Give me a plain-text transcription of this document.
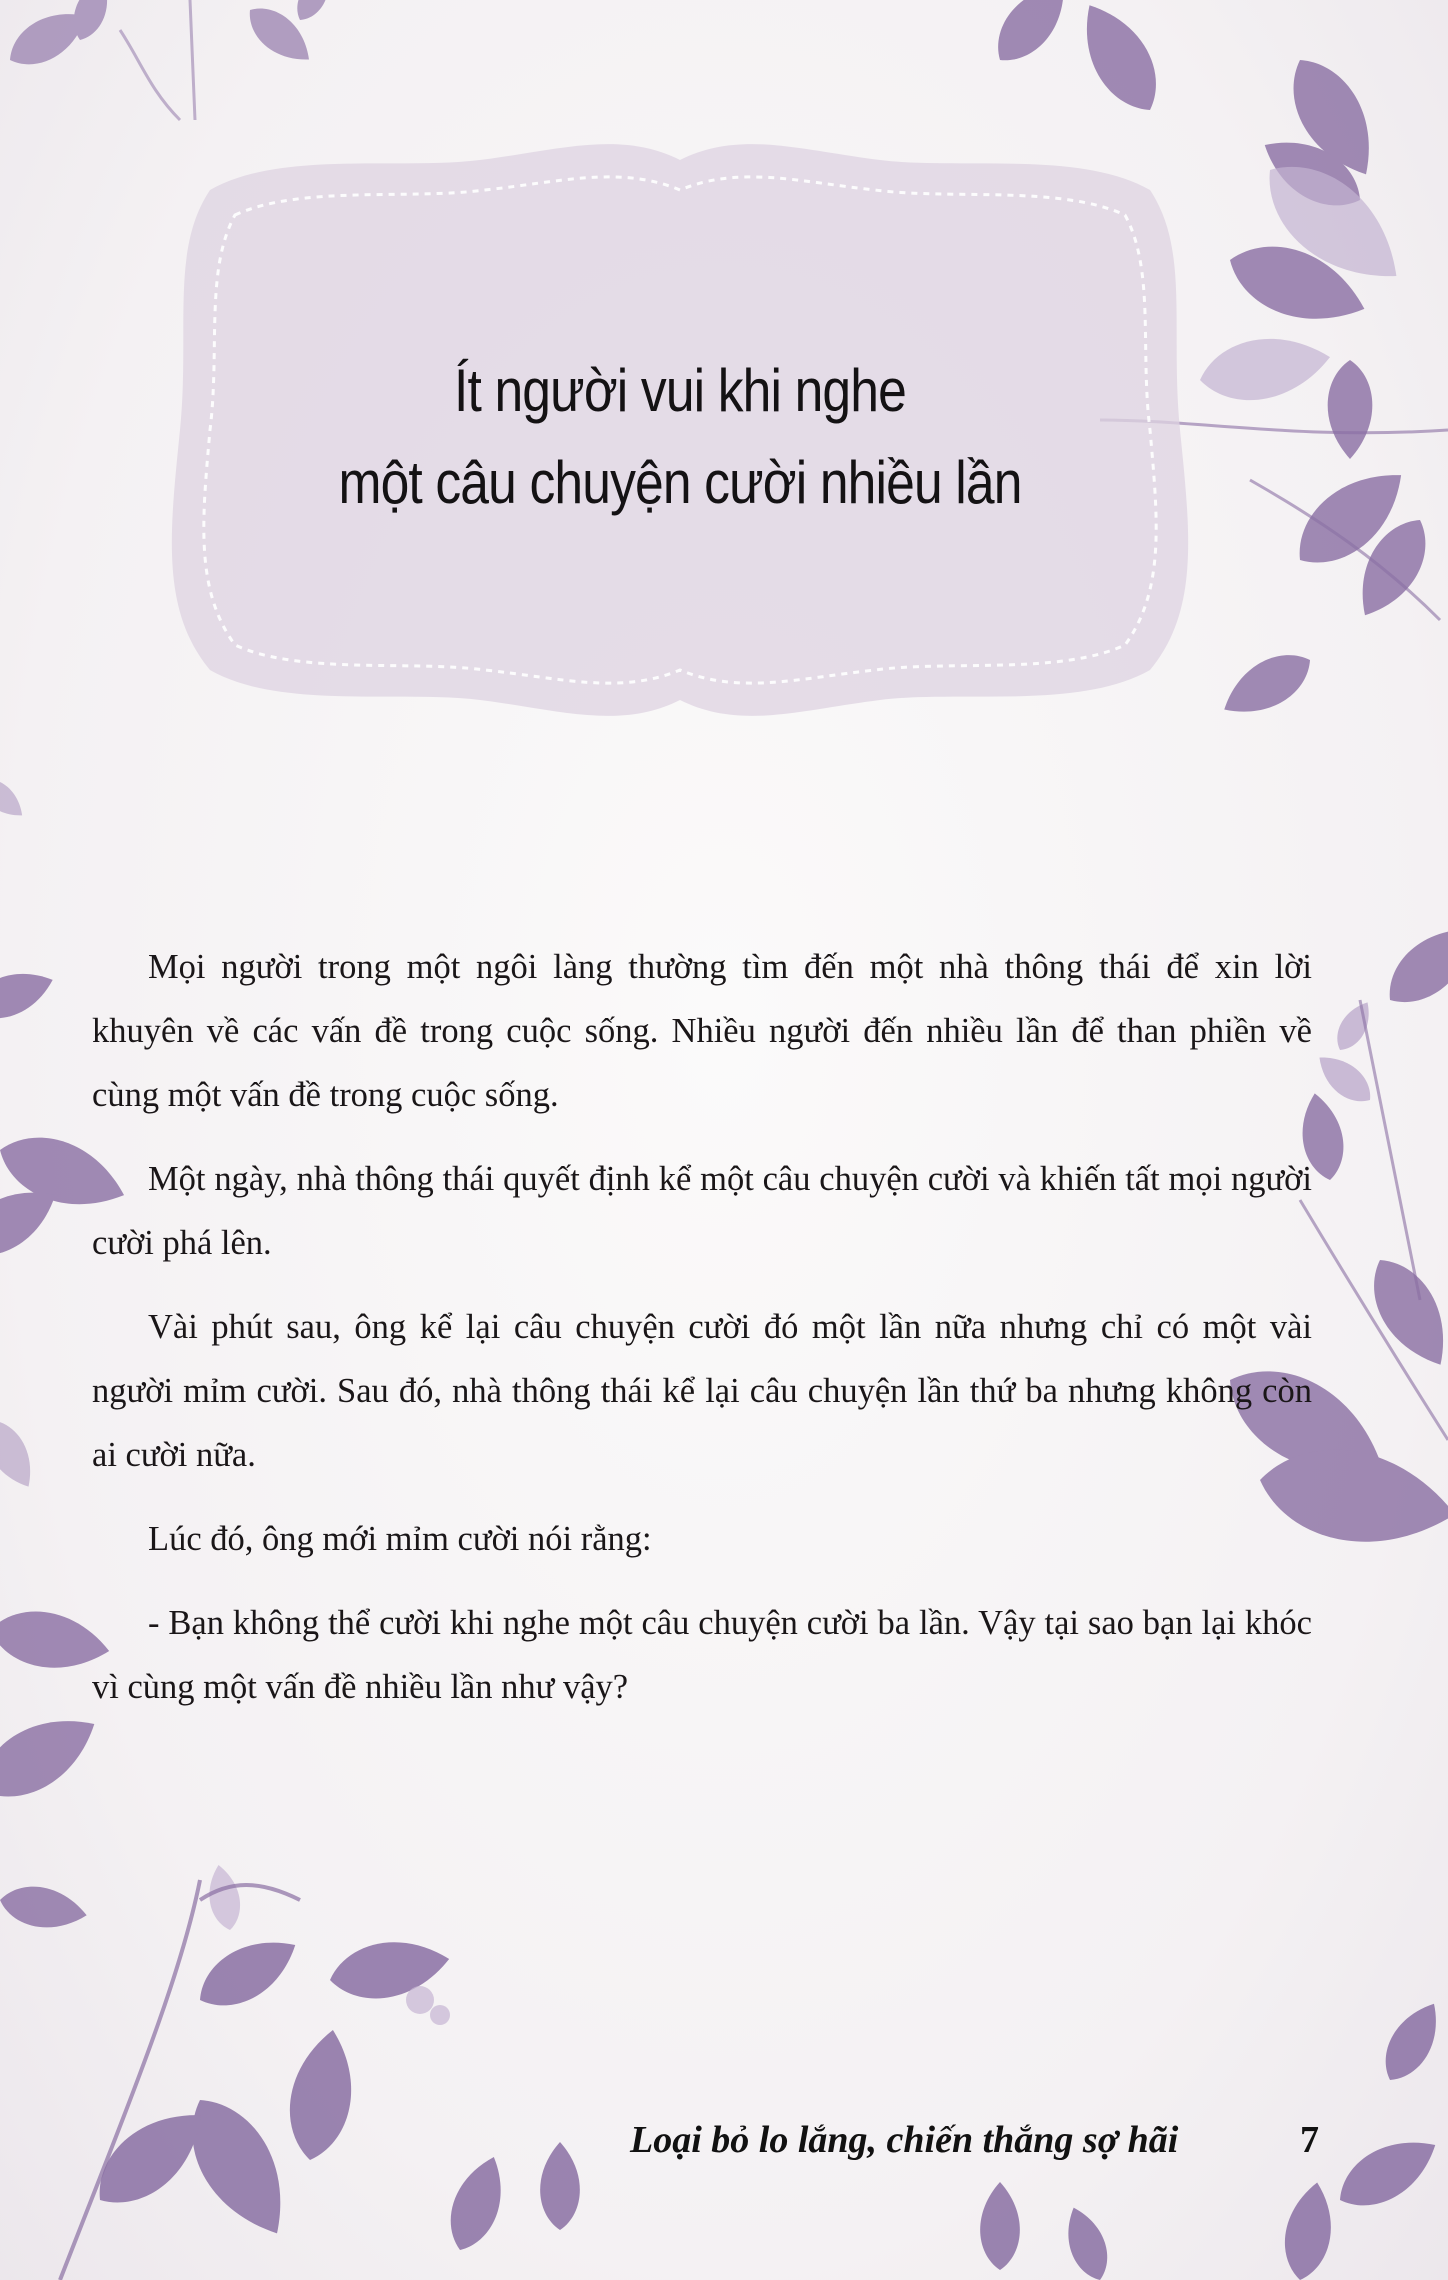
Ít người vui khi nghe
một câu chuyện cười nhiều lần

Mọi người trong một ngôi làng thường tìm đến một nhà thông thái để xin lời khuyên về các vấn đề trong cuộc sống. Nhiều người đến nhiều lần để than phiền về cùng một vấn đề trong cuộc sống.

Một ngày, nhà thông thái quyết định kể một câu chuyện cười và khiến tất mọi người cười phá lên.

Vài phút sau, ông kể lại câu chuyện cười đó một lần nữa nhưng chỉ có một vài người mỉm cười. Sau đó, nhà thông thái kể lại câu chuyện lần thứ ba nhưng không còn ai cười nữa.

Lúc đó, ông mới mỉm cười nói rằng:

- Bạn không thể cười khi nghe một câu chuyện cười ba lần. Vậy tại sao bạn lại khóc vì cùng một vấn đề nhiều lần như vậy?

Loại bỏ lo lắng, chiến thắng sợ hãi	7
